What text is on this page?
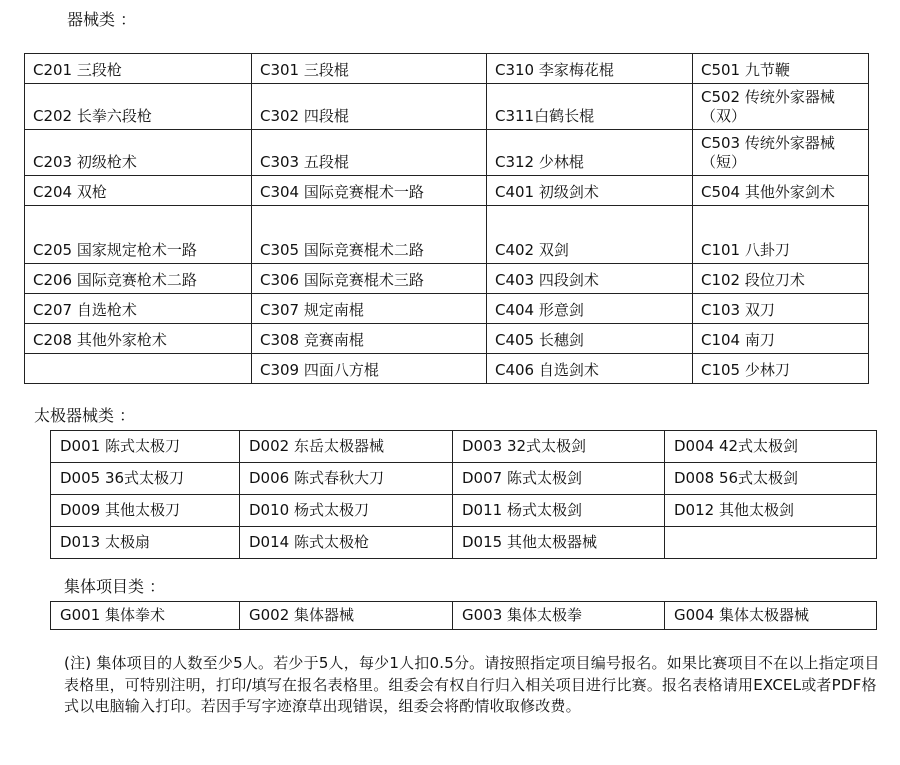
器械类 ：
C201 三段枪	C301 三段棍	C310 李家梅花棍	C501 九节鞭
C202 长拳六段枪	C302 四段棍	C311白鹤长棍	C502 传统外家器械（双）
C203 初级枪术	C303 五段棍	C312 少林棍	C503 传统外家器械（短）
C204 双枪	C304 国际竞赛棍术一路	C401 初级剑术	C504 其他外家剑术
C205 国家规定枪术一路	C305 国际竞赛棍术二路	C402 双剑	C101 八卦刀
C206 国际竞赛枪术二路	C306 国际竞赛棍术三路	C403 四段剑术	C102 段位刀术
C207 自选枪术	C307 规定南棍	C404 形意剑	C103 双刀
C208 其他外家枪术	C308 竞赛南棍	C405 长穗剑	C104 南刀
	C309 四面八方棍	C406 自选剑术	C105 少林刀
太极器械类 ：
D001 陈式太极刀	D002 东岳太极器械	D003 32式太极剑	D004 42式太极剑
D005 36式太极刀	D006 陈式春秋大刀	D007 陈式太极剑	D008 56式太极剑
D009 其他太极刀	D010 杨式太极刀	D011 杨式太极剑	D012 其他太极剑
D013 太极扇	D014 陈式太极枪	D015 其他太极器械	
集体项目类 ：
G001 集体拳术	G002 集体器械	G003 集体太极拳	G004 集体太极器械
(注) 集体项目的人数至少5人。若少于5人，每少1人扣0.5分。请按照指定项目编号报名。如果比赛项目不在以上指定项目表格里，可特别注明，打印/填写在报名表格里。组委会有权自行归入相关项目进行比赛。报名表格请用EXCEL或者PDF格式以电脑输入打印。若因手写字迹潦草出现错误，组委会将酌情收取修改费。
